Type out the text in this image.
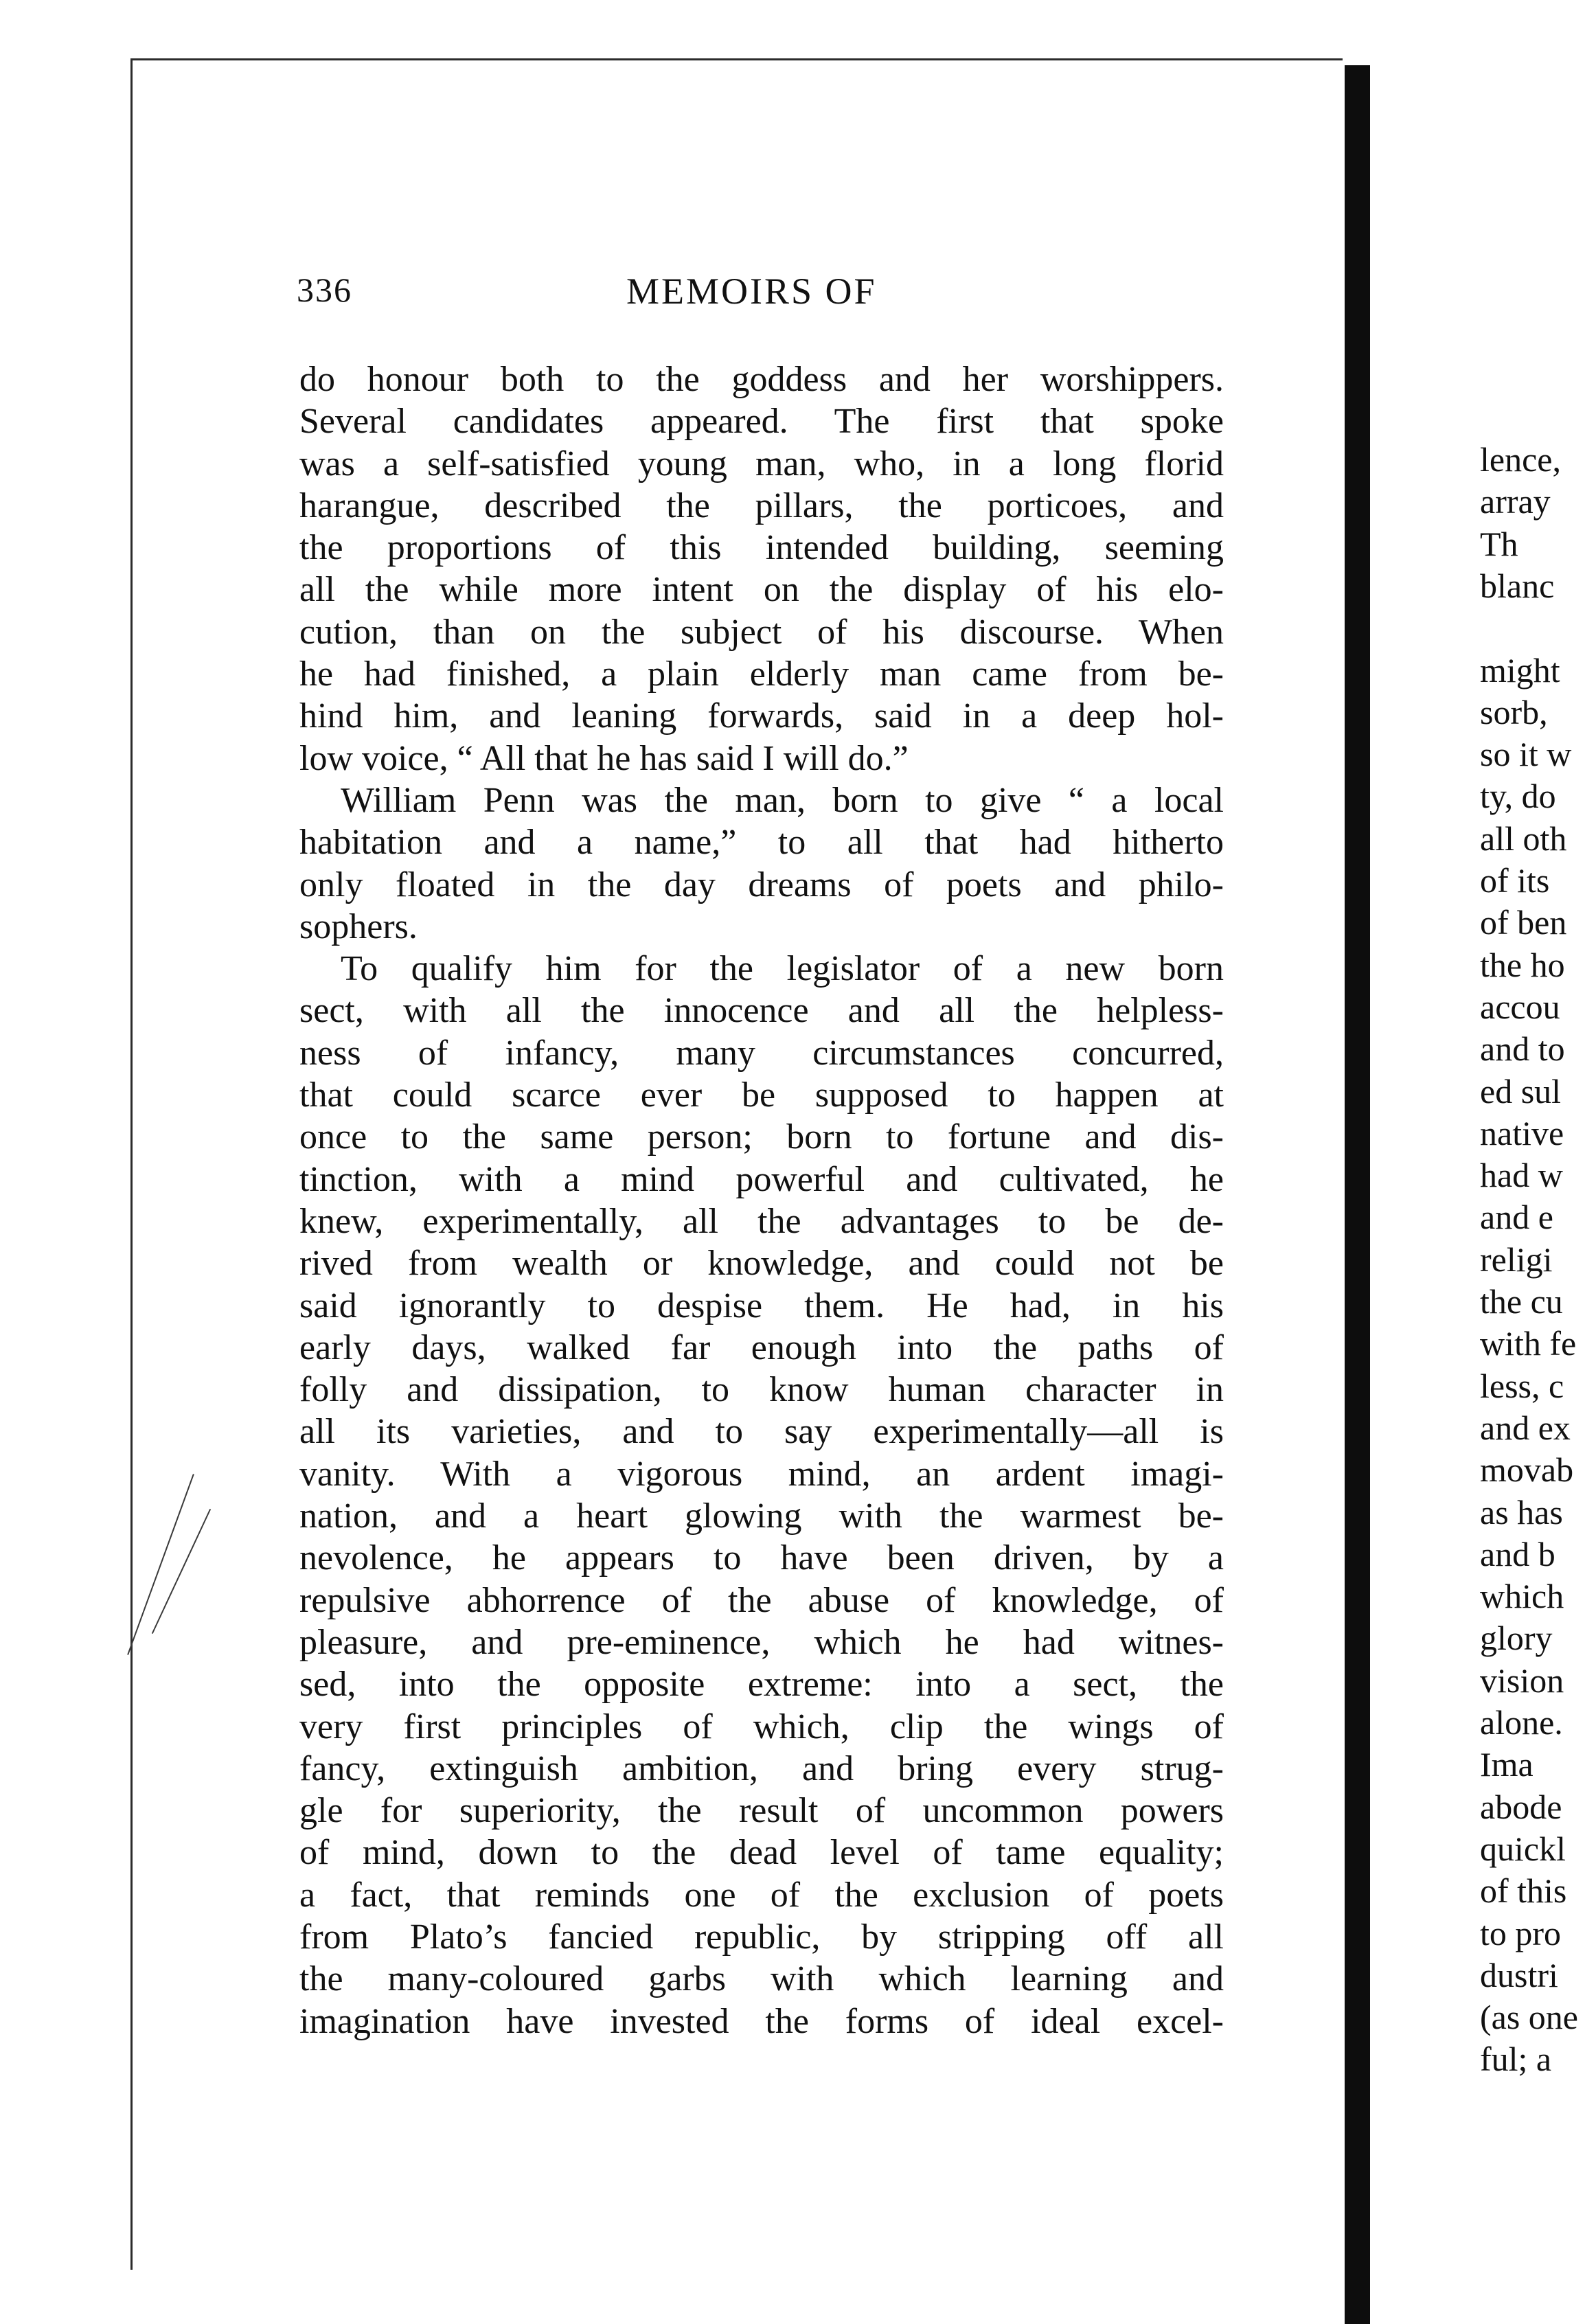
lence,
array
Th
blanc
might
sorb,
so it w
ty, do
all oth
of its
of ben
the ho
accou
and to
ed sul
native
had w
and e
religi
the cu
with fe
less, c
and ex
movab
as has
and b
which
glory
vision
alone.
Ima
abode
quickl
of this
to pro
dustri
(as one
ful; a
336	MEMOIRS OF
do honour both to the goddess and her worshippers.
Several candidates appeared. The first that spoke
was a self-satisfied young man, who, in a long florid
harangue, described the pillars, the porticoes, and
the proportions of this intended building, seeming
all the while more intent on the display of his elo-
cution, than on the subject of his discourse. When
he had finished, a plain elderly man came from be-
hind him, and leaning forwards, said in a deep hol-
low voice, “ All that he has said I will do.”
William Penn was the man, born to give “ a local
habitation and a name,” to all that had hitherto
only floated in the day dreams of poets and philo-
sophers.
To qualify him for the legislator of a new born
sect, with all the innocence and all the helpless-
ness of infancy, many circumstances concurred,
that could scarce ever be supposed to happen at
once to the same person; born to fortune and dis-
tinction, with a mind powerful and cultivated, he
knew, experimentally, all the advantages to be de-
rived from wealth or knowledge, and could not be
said ignorantly to despise them. He had, in his
early days, walked far enough into the paths of
folly and dissipation, to know human character in
all its varieties, and to say experimentally—all is
vanity. With a vigorous mind, an ardent imagi-
nation, and a heart glowing with the warmest be-
nevolence, he appears to have been driven, by a
repulsive abhorrence of the abuse of knowledge, of
pleasure, and pre-eminence, which he had witnes-
sed, into the opposite extreme: into a sect, the
very first principles of which, clip the wings of
fancy, extinguish ambition, and bring every strug-
gle for superiority, the result of uncommon powers
of mind, down to the dead level of tame equality;
a fact, that reminds one of the exclusion of poets
from Plato’s fancied republic, by stripping off all
the many-coloured garbs with which learning and
imagination have invested the forms of ideal excel-
